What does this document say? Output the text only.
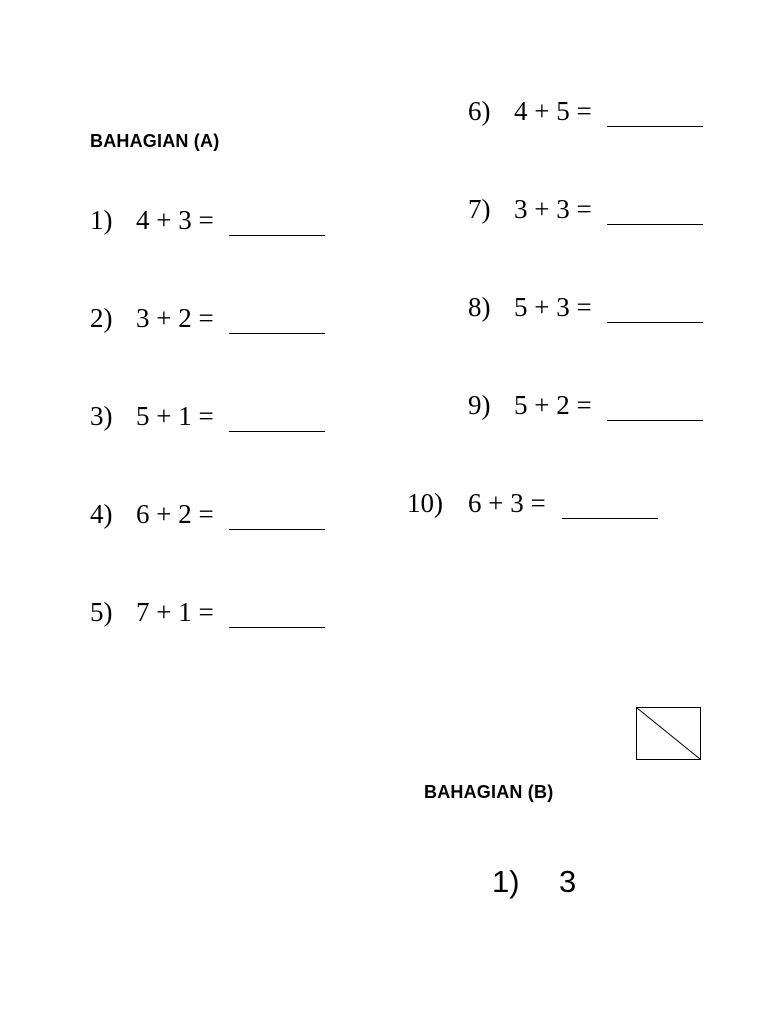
BAHAGIAN (A)
1) 4 + 3 =
2) 3 + 2 =
3) 5 + 1 =
4) 6 + 2 =
5) 7 + 1 =
6) 4 + 5 =
7) 3 + 3 =
8) 5 + 3 =
9) 5 + 2 =
10) 6 + 3 =
BAHAGIAN (B)
1) 3
